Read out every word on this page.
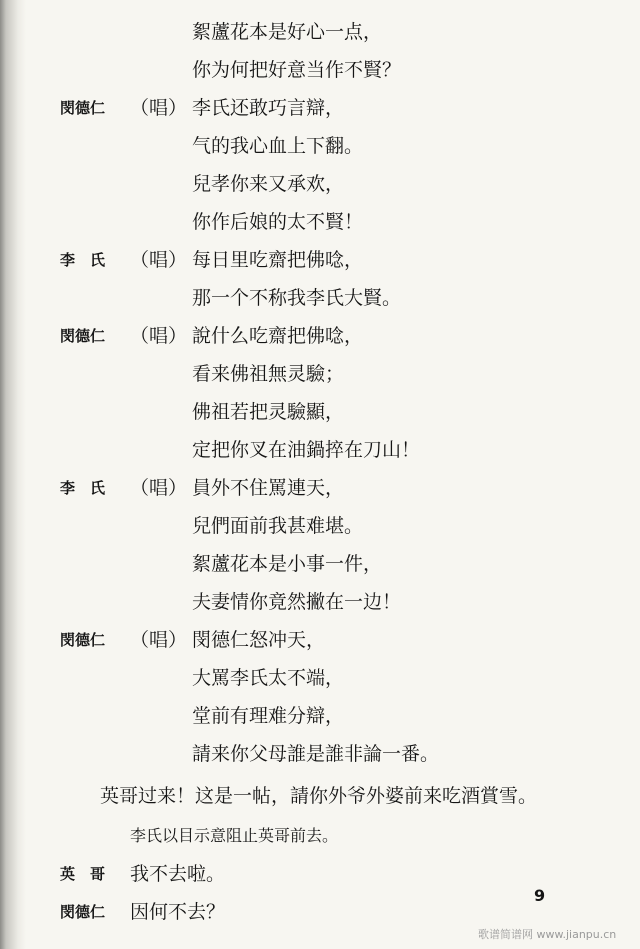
絮蘆花本是好心一点，
你为何把好意当作不賢？
閔德仁 （唱） 李氏还敢巧言辯，
气的我心血上下翻。
兒孝你来又承欢，
你作后娘的太不賢！
李　氏 （唱） 每日里吃齋把佛唸，
那一个不称我李氏大賢。
閔德仁 （唱） 說什么吃齋把佛唸，
看来佛祖無灵驗；
佛祖若把灵驗顯，
定把你叉在油鍋捽在刀山！
李　氏 （唱） 員外不住罵連天，
兒們面前我甚难堪。
絮蘆花本是小事一件，
夫妻情你竟然撇在一边！
閔德仁 （唱） 閔德仁怒冲天，
大罵李氏太不端，
堂前有理难分辯，
請来你父母誰是誰非論一番。
英哥过来！这是一帖，請你外爷外婆前来吃酒賞雪。
李氏以目示意阻止英哥前去。
英　哥 我不去啦。
閔德仁 因何不去？
9
歌谱简谱网 www.jianpu.cn
